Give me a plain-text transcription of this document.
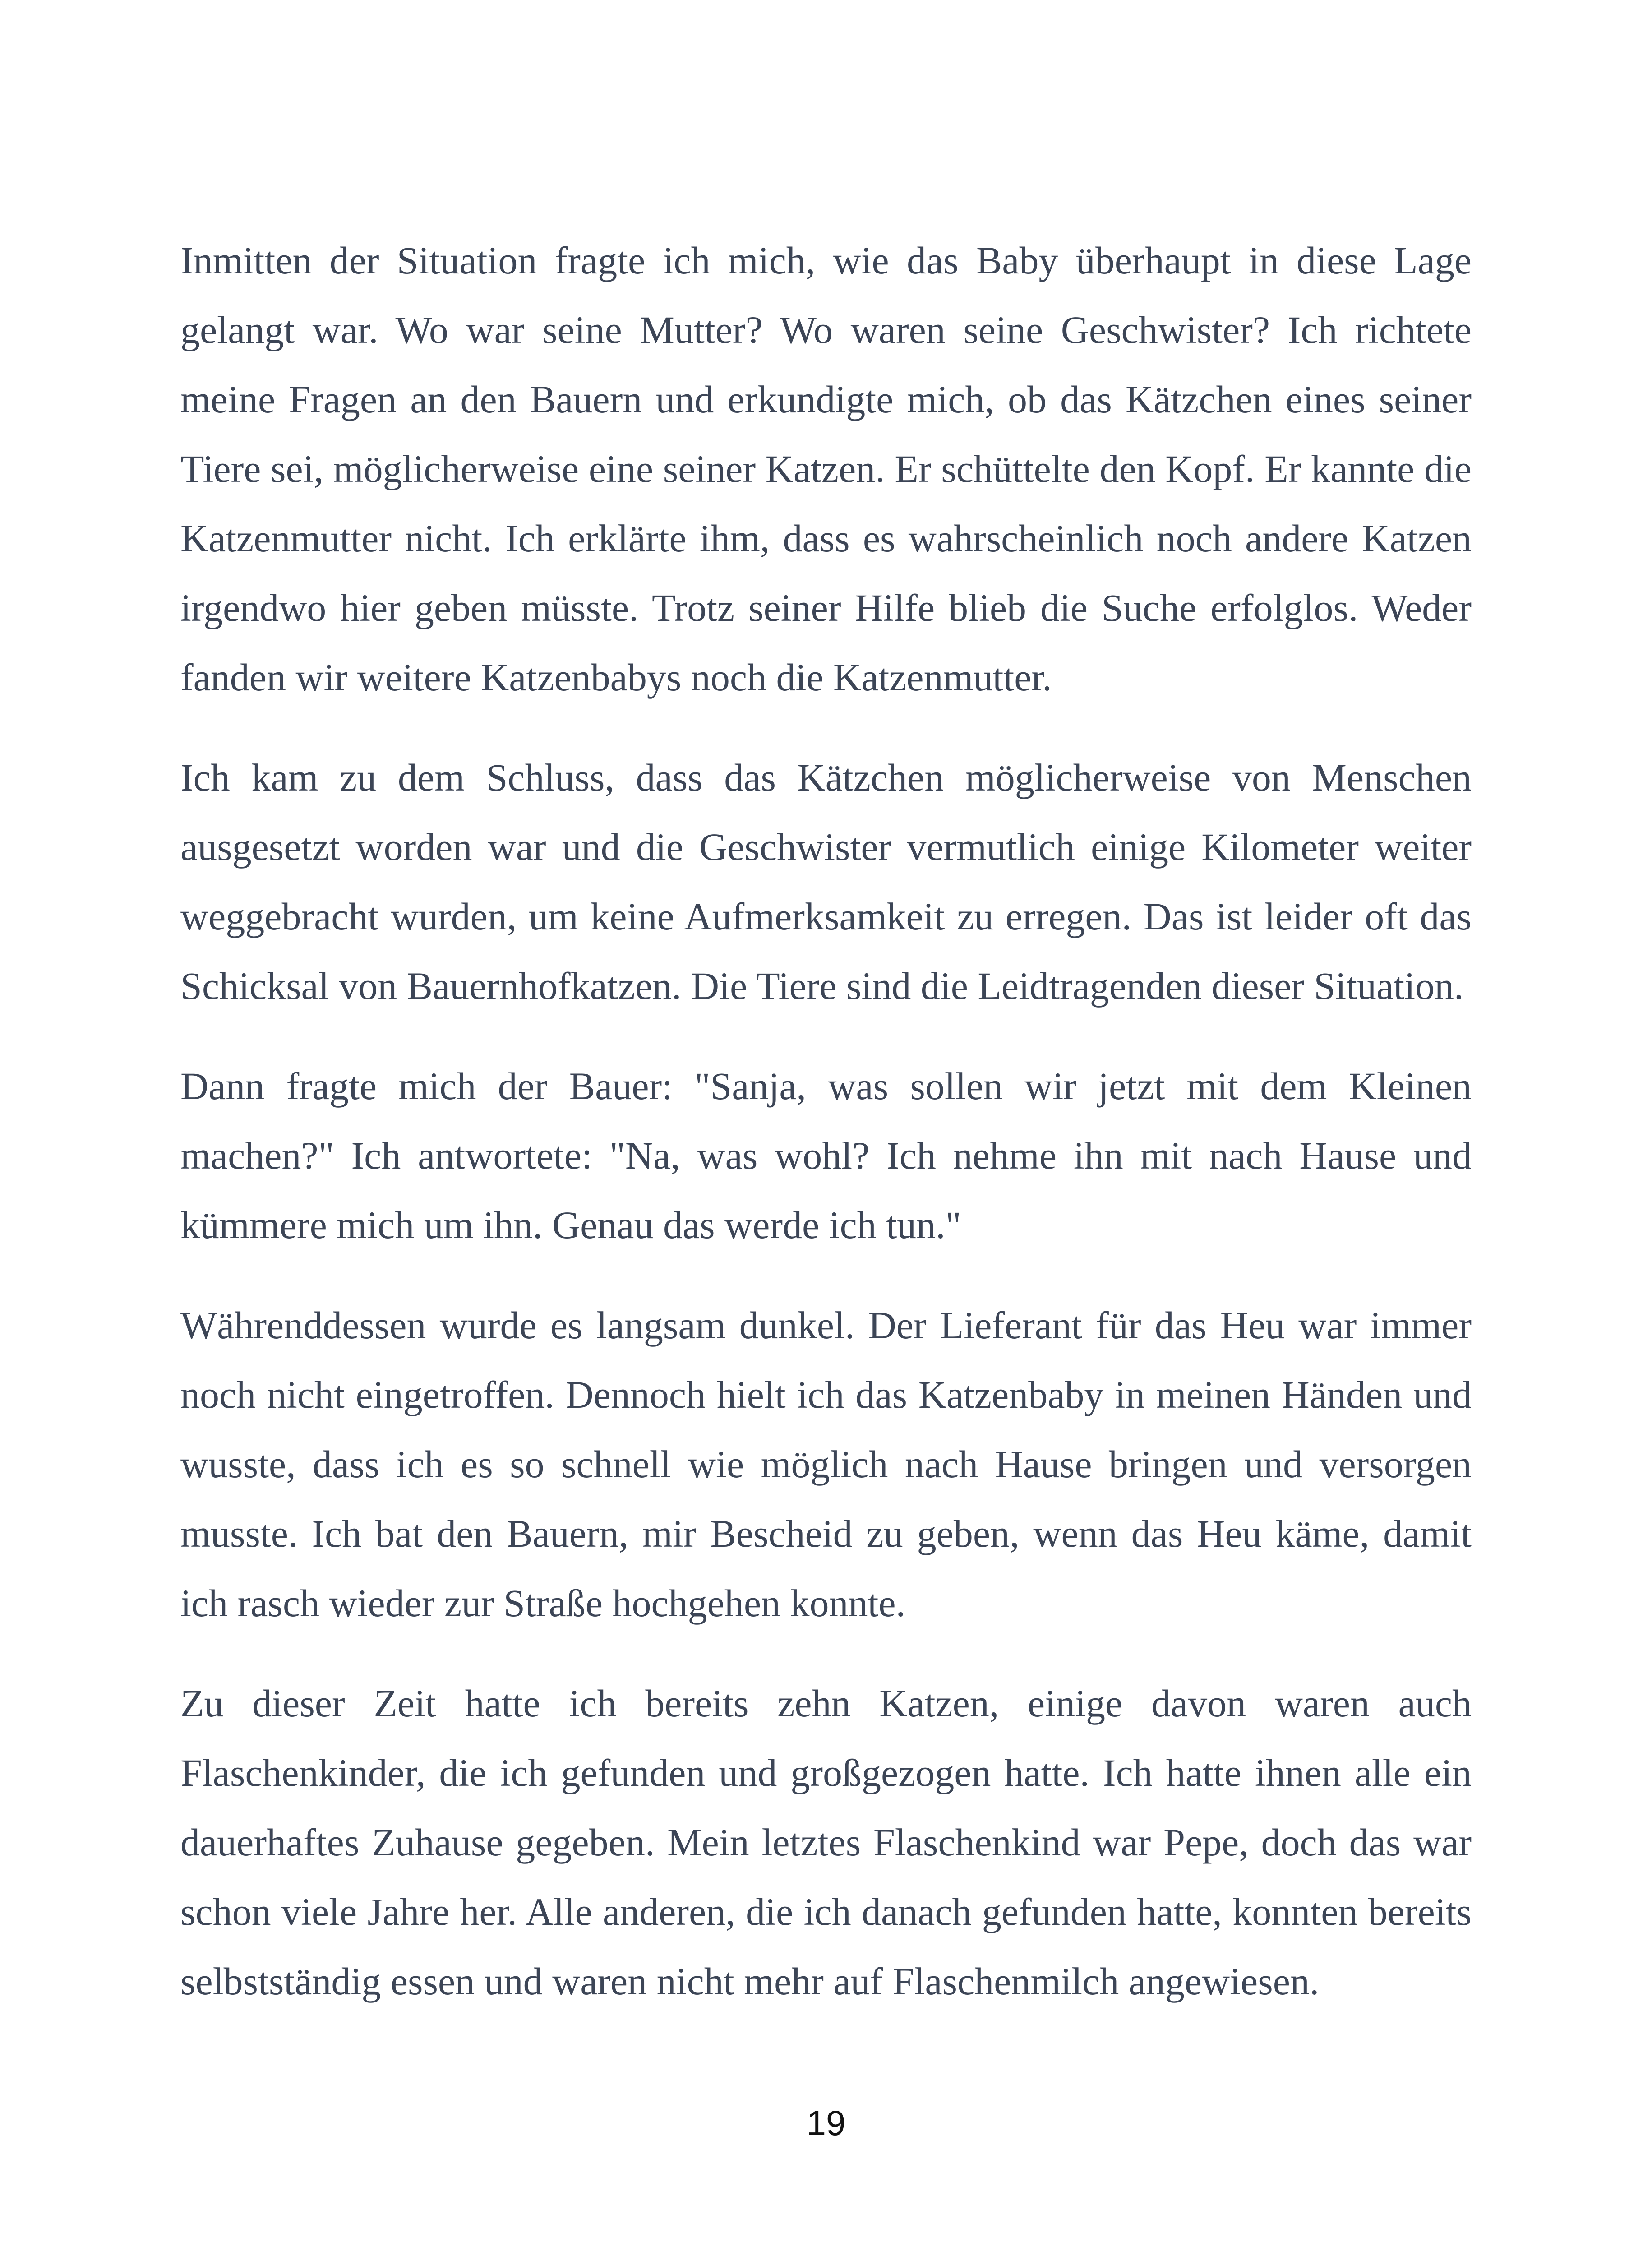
Inmitten der Situation fragte ich mich, wie das Baby überhaupt in diese Lage gelangt war. Wo war seine Mutter? Wo waren seine Geschwister? Ich richtete meine Fragen an den Bauern und erkundigte mich, ob das Kätzchen eines seiner Tiere sei, möglicherweise eine seiner Katzen. Er schüttelte den Kopf. Er kannte die Katzenmutter nicht. Ich erklärte ihm, dass es wahrscheinlich noch andere Katzen irgendwo hier geben müsste. Trotz seiner Hilfe blieb die Suche erfolglos. Weder fanden wir weitere Katzenbabys noch die Katzenmutter.

Ich kam zu dem Schluss, dass das Kätzchen möglicherweise von Menschen ausgesetzt worden war und die Geschwister vermutlich einige Kilometer weiter weggebracht wurden, um keine Aufmerksamkeit zu erregen. Das ist leider oft das Schicksal von Bauernhofkatzen. Die Tiere sind die Leidtragenden dieser Situation.

Dann fragte mich der Bauer: "Sanja, was sollen wir jetzt mit dem Kleinen machen?" Ich antwortete: "Na, was wohl? Ich nehme ihn mit nach Hause und kümmere mich um ihn. Genau das werde ich tun."

Währenddessen wurde es langsam dunkel. Der Lieferant für das Heu war immer noch nicht eingetroffen. Dennoch hielt ich das Katzenbaby in meinen Händen und wusste, dass ich es so schnell wie möglich nach Hause bringen und versorgen musste. Ich bat den Bauern, mir Bescheid zu geben, wenn das Heu käme, damit ich rasch wieder zur Straße hochgehen konnte.

Zu dieser Zeit hatte ich bereits zehn Katzen, einige davon waren auch Flaschenkinder, die ich gefunden und großgezogen hatte. Ich hatte ihnen alle ein dauerhaftes Zuhause gegeben. Mein letztes Flaschenkind war Pepe, doch das war schon viele Jahre her. Alle anderen, die ich danach gefunden hatte, konnten bereits selbstständig essen und waren nicht mehr auf Flaschenmilch angewiesen.

19
